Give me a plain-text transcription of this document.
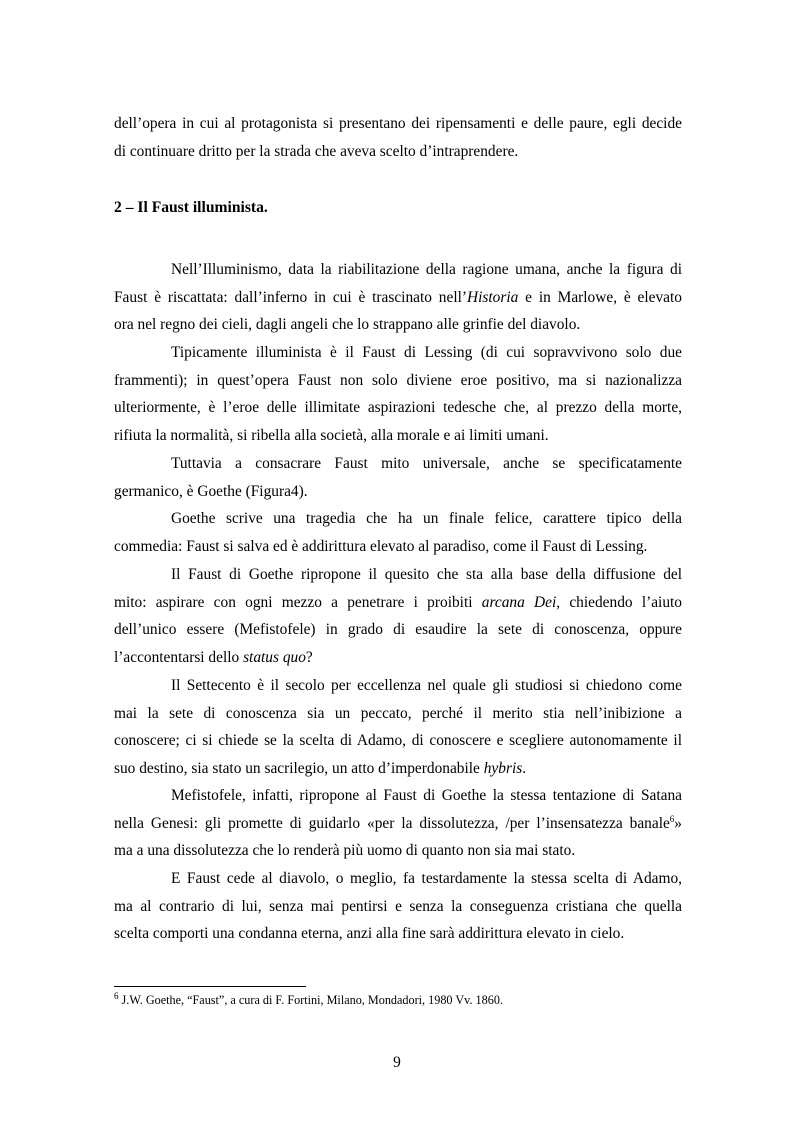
dell’opera in cui al protagonista si presentano dei ripensamenti e delle paure, egli decide
di continuare dritto per la strada che aveva scelto d’intraprendere.
2 – Il Faust illuminista.
Nell’Illuminismo, data la riabilitazione della ragione umana, anche la figura di
Faust è riscattata: dall’inferno in cui è trascinato nell’Historia e in Marlowe, è elevato
ora nel regno dei cieli, dagli angeli che lo strappano alle grinfie del diavolo.
Tipicamente illuminista è il Faust di Lessing (di cui sopravvivono solo due
frammenti); in quest’opera Faust non solo diviene eroe positivo, ma si nazionalizza
ulteriormente, è l’eroe delle illimitate aspirazioni tedesche che, al prezzo della morte,
rifiuta la normalità, si ribella alla società, alla morale e ai limiti umani.
Tuttavia a consacrare Faust mito universale, anche se specificatamente
germanico, è Goethe (Figura4).
Goethe scrive una tragedia che ha un finale felice, carattere tipico della
commedia: Faust si salva ed è addirittura elevato al paradiso, come il Faust di Lessing.
Il Faust di Goethe ripropone il quesito che sta alla base della diffusione del
mito: aspirare con ogni mezzo a penetrare i proibiti arcana Dei, chiedendo l’aiuto
dell’unico essere (Mefistofele) in grado di esaudire la sete di conoscenza, oppure
l’accontentarsi dello status quo?
Il Settecento è il secolo per eccellenza nel quale gli studiosi si chiedono come
mai la sete di conoscenza sia un peccato, perché il merito stia nell’inibizione a
conoscere; ci si chiede se la scelta di Adamo, di conoscere e scegliere autonomamente il
suo destino, sia stato un sacrilegio, un atto d’imperdonabile hybris.
Mefistofele, infatti, ripropone al Faust di Goethe la stessa tentazione di Satana
nella Genesi: gli promette di guidarlo «per la dissolutezza, /per l’insensatezza banale$^6$»
ma a una dissolutezza che lo renderà più uomo di quanto non sia mai stato.
E Faust cede al diavolo, o meglio, fa testardamente la stessa scelta di Adamo,
ma al contrario di lui, senza mai pentirsi e senza la conseguenza cristiana che quella
scelta comporti una condanna eterna, anzi alla fine sarà addirittura elevato in cielo.

$^6$ J.W. Goethe, “Faust”, a cura di F. Fortini, Milano, Mondadori, 1980 Vv. 1860.

9
